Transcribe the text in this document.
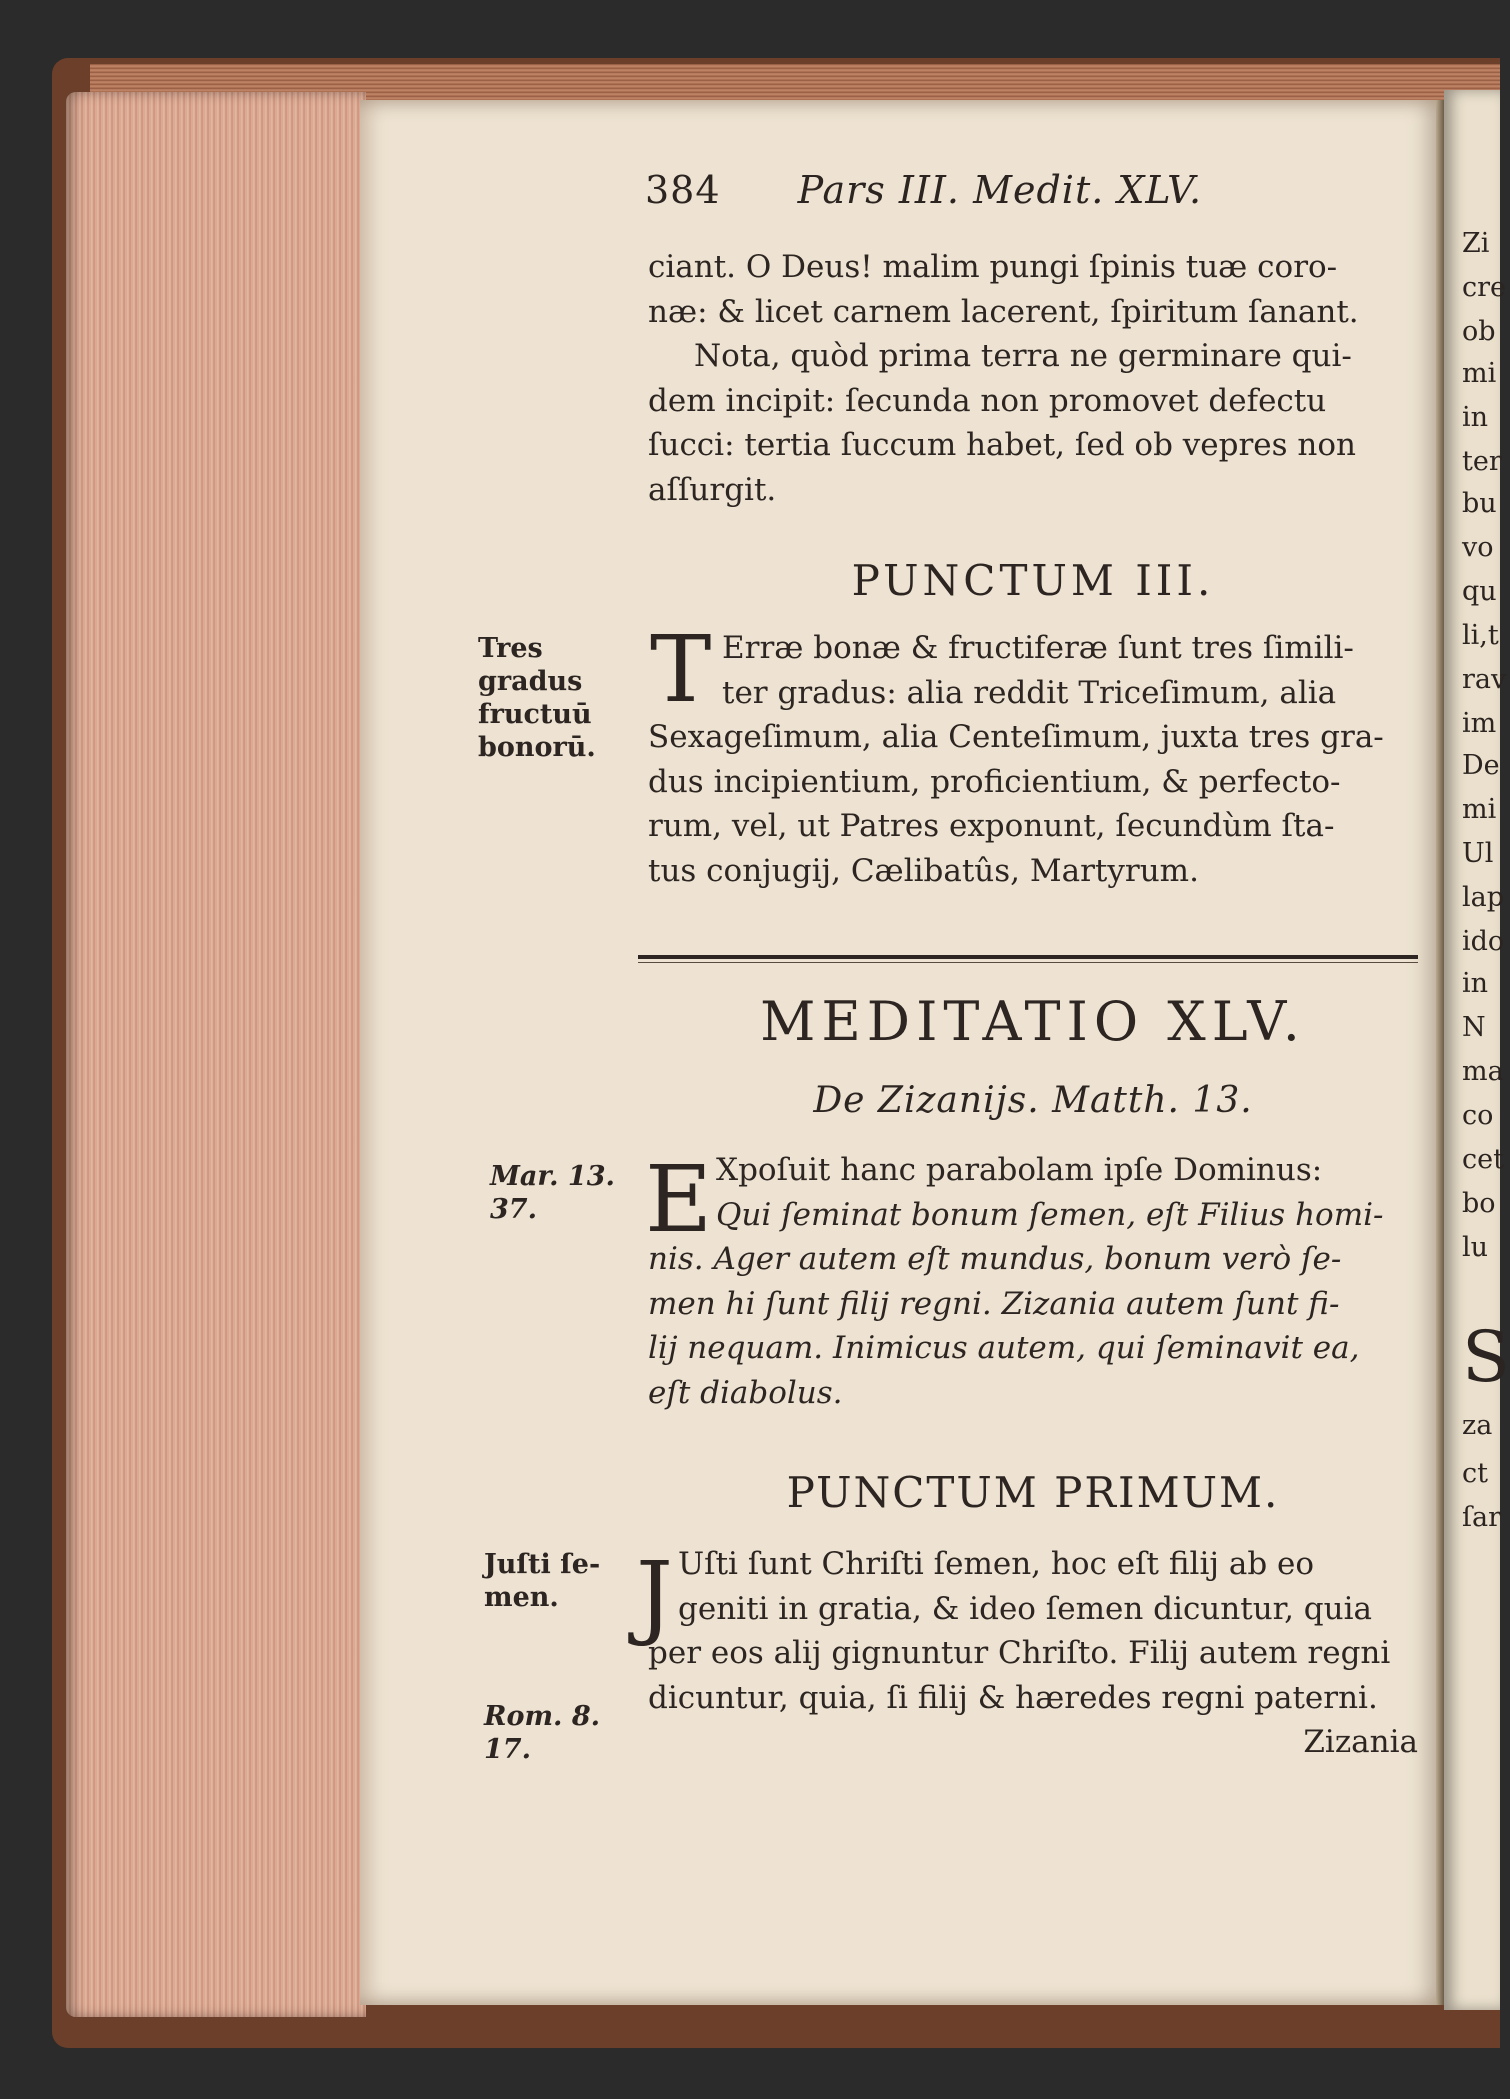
Zi
cre
ob
mi
in
ter
bu
vo
qu
li,t
rav
im
De
mi
Ul
lap
ido
in
N
ma
co
cet
bo
lu
S
za
ct
ſar
384 Pars III. Medit. XLV.
ciant. O Deus! malim pungi ſpinis tuæ coro-
næ: & licet carnem lacerent, ſpiritum ſanant.
Nota, quòd prima terra ne germinare qui-
dem incipit: ſecunda non promovet defectu
ſucci: tertia ſuccum habet, ſed ob vepres non
aſſurgit.
PUNCTUM III.
Tres
gradus
fructuū
bonorū.
T Erræ bonæ & fructiferæ ſunt tres ſimili-
ter gradus: alia reddit Triceſimum, alia
Sexageſimum, alia Centeſimum, juxta tres gra-
dus incipientium, proficientium, & perfecto-
rum, vel, ut Patres exponunt, ſecundùm ſta-
tus conjugij, Cælibatûs, Martyrum.
MEDITATIO XLV.
De Zizanijs. Matth. 13.
Mar. 13.
37.	E Xpoſuit hanc parabolam ipſe Dominus:
Qui ſeminat bonum ſemen, eſt Filius homi-
nis. Ager autem eſt mundus, bonum verò ſe-
men hi ſunt filij regni. Zizania autem ſunt fi-
lij nequam. Inimicus autem, qui ſeminavit ea,
eſt diabolus.
PUNCTUM PRIMUM.
Juſti ſe-
men.
Rom. 8.
17.
J Uſti ſunt Chriſti ſemen, hoc eſt filij ab eo
geniti in gratia, & ideo ſemen dicuntur, quia
per eos alij gignuntur Chriſto. Filij autem regni
dicuntur, quia, ſi filij & hæredes regni paterni.
Zizania
